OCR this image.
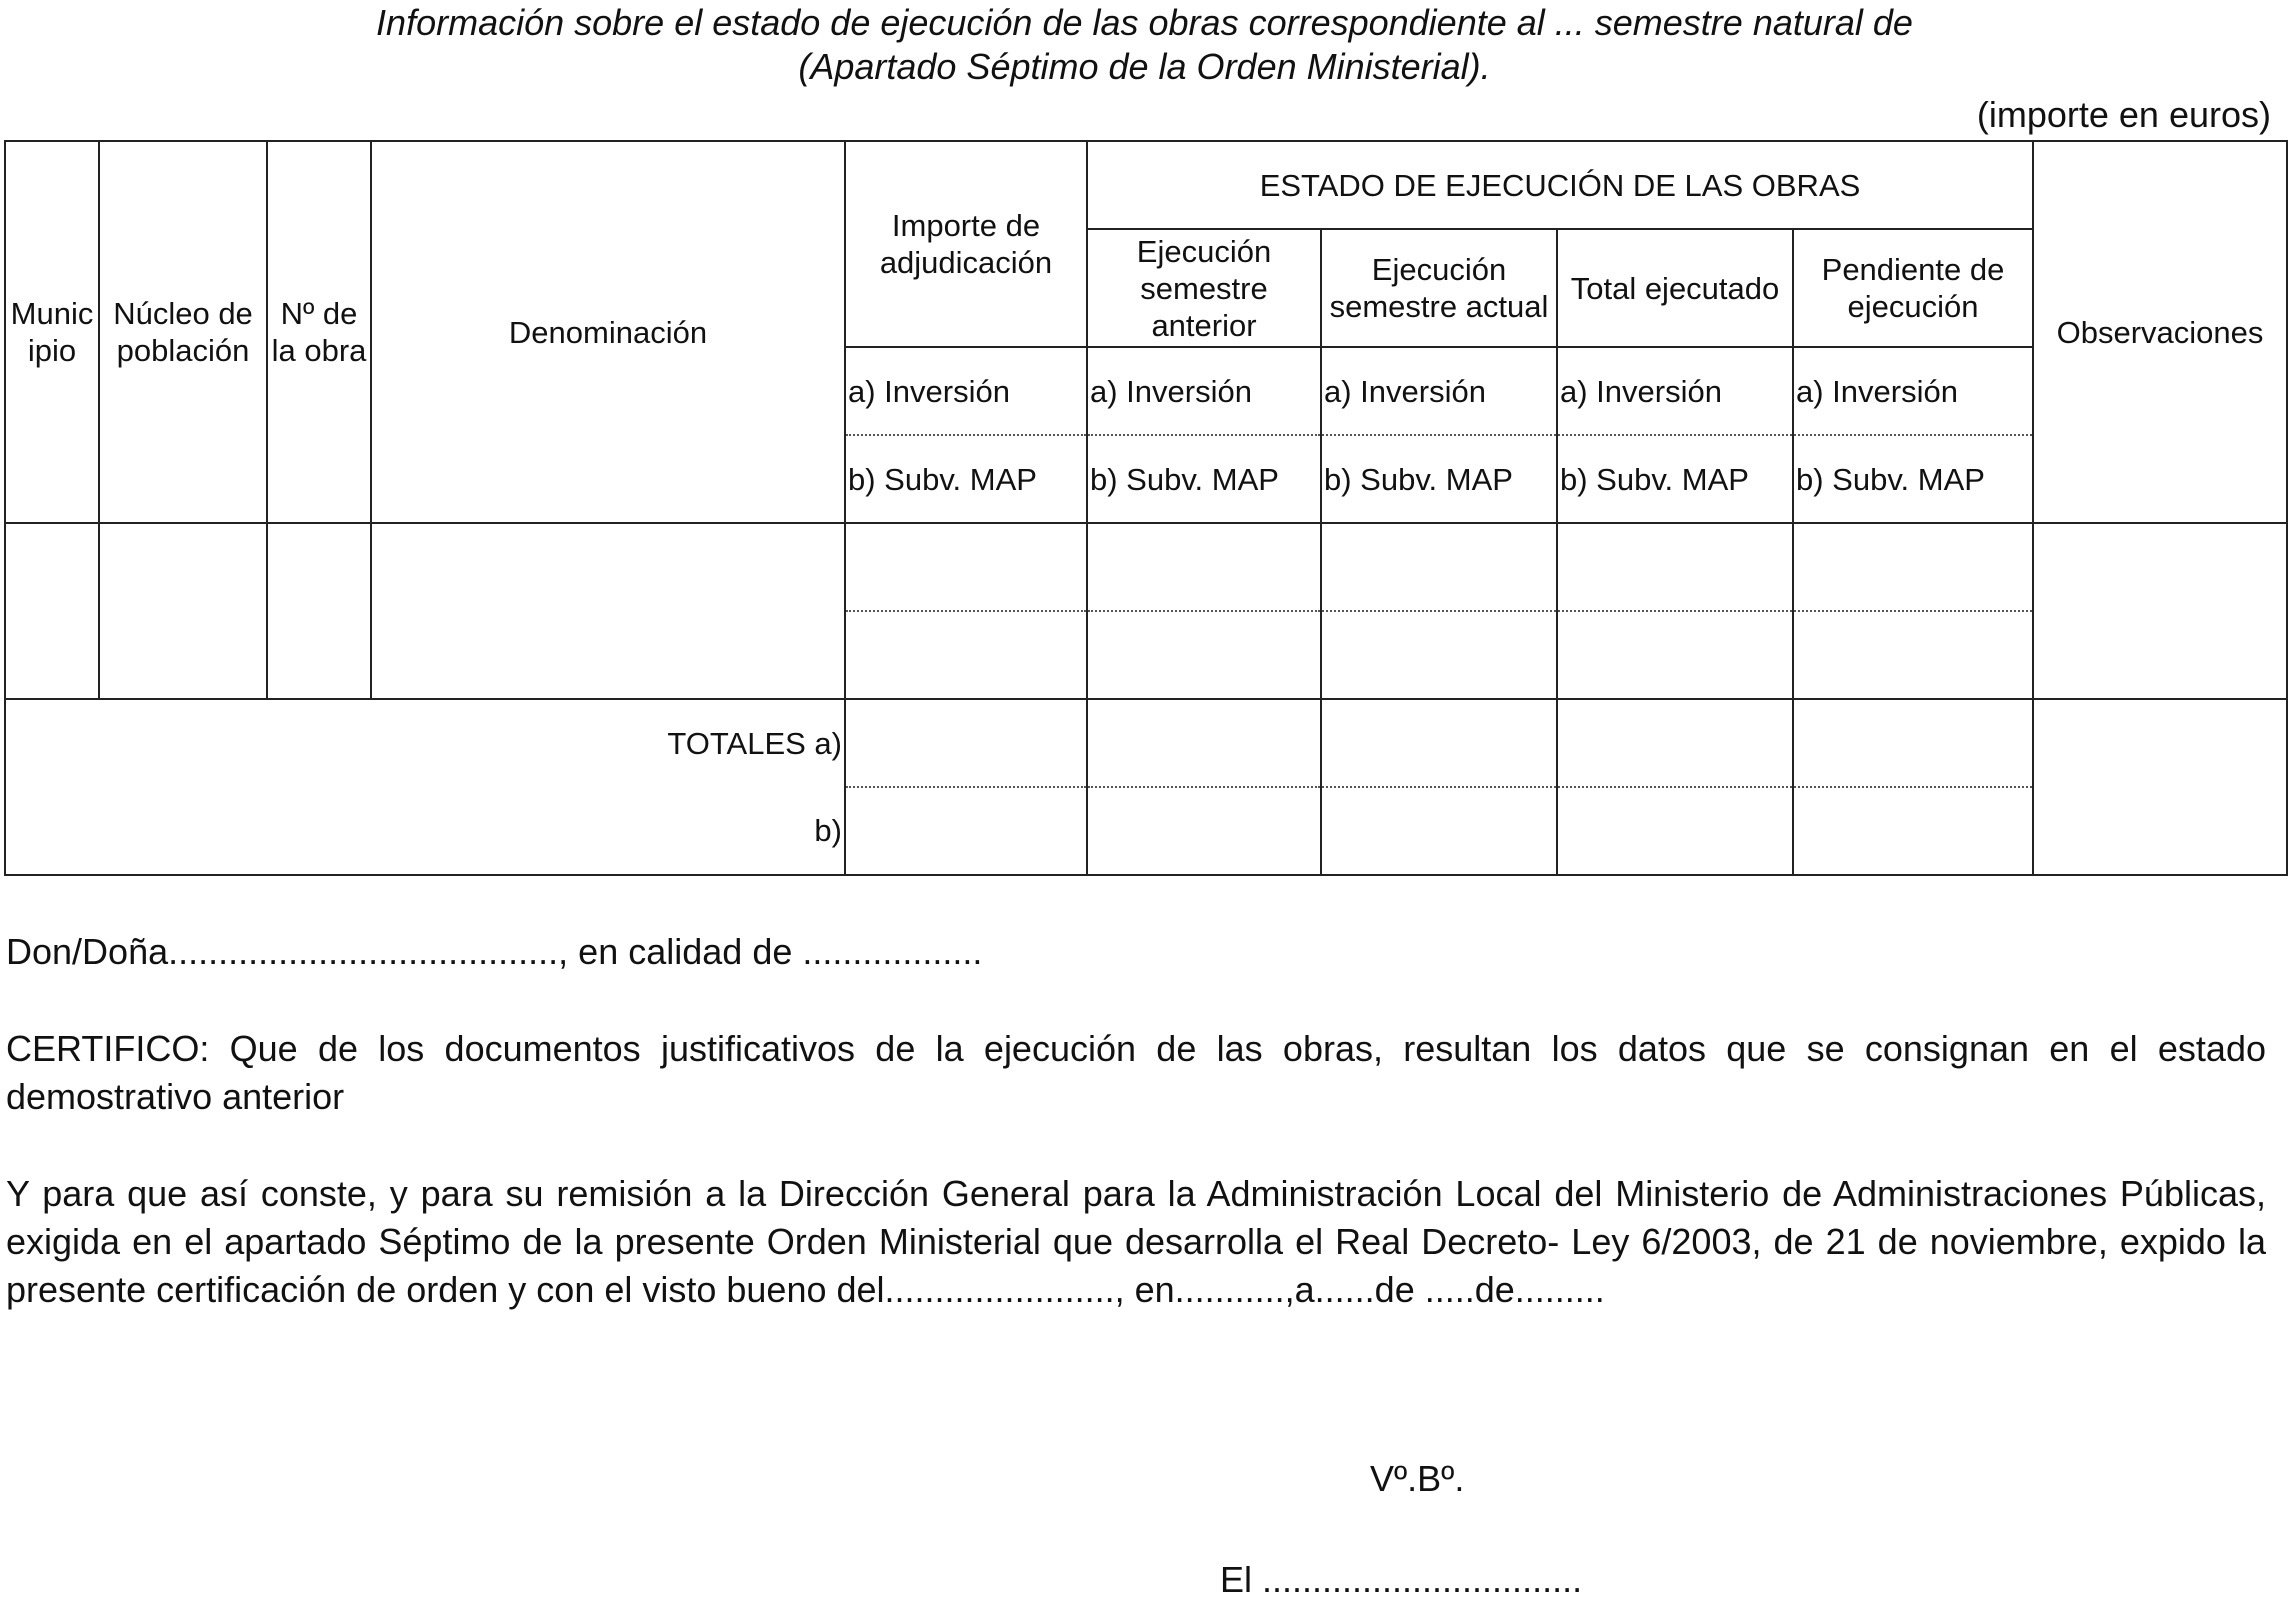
Información sobre el estado de ejecución de las obras correspondiente al ... semestre natural de
(Apartado Séptimo de la Orden Ministerial).
(importe en euros)
Munic ipio	Núcleo de población	Nº de la obra	Denominación	Importe de adjudicación	ESTADO DE EJECUCIÓN DE LAS OBRAS				Observaciones
					Ejecución semestre anterior	Ejecución semestre actual	Total ejecutado	Pendiente de ejecución	
				a) Inversión	a) Inversión	a) Inversión	a) Inversión	a) Inversión	
				b) Subv. MAP	b) Subv. MAP	b) Subv. MAP	b) Subv. MAP	b) Subv. MAP	

TOTALES a)									
b)									
Don/Doña......................................., en calidad de ..................
CERTIFICO: Que de los documentos justificativos de la ejecución de las obras, resultan los datos que se consignan en el estado demostrativo anterior
Y para que así conste, y para su remisión a la Dirección General para la Administración Local del Ministerio de Administraciones Públicas, exigida en el apartado Séptimo de la presente Orden Ministerial que desarrolla el Real Decreto- Ley 6/2003, de 21 de noviembre, expido la presente certificación de orden y con el visto bueno del......................., en...........,a......de .....de.........
Vº.Bº.
El ................................
